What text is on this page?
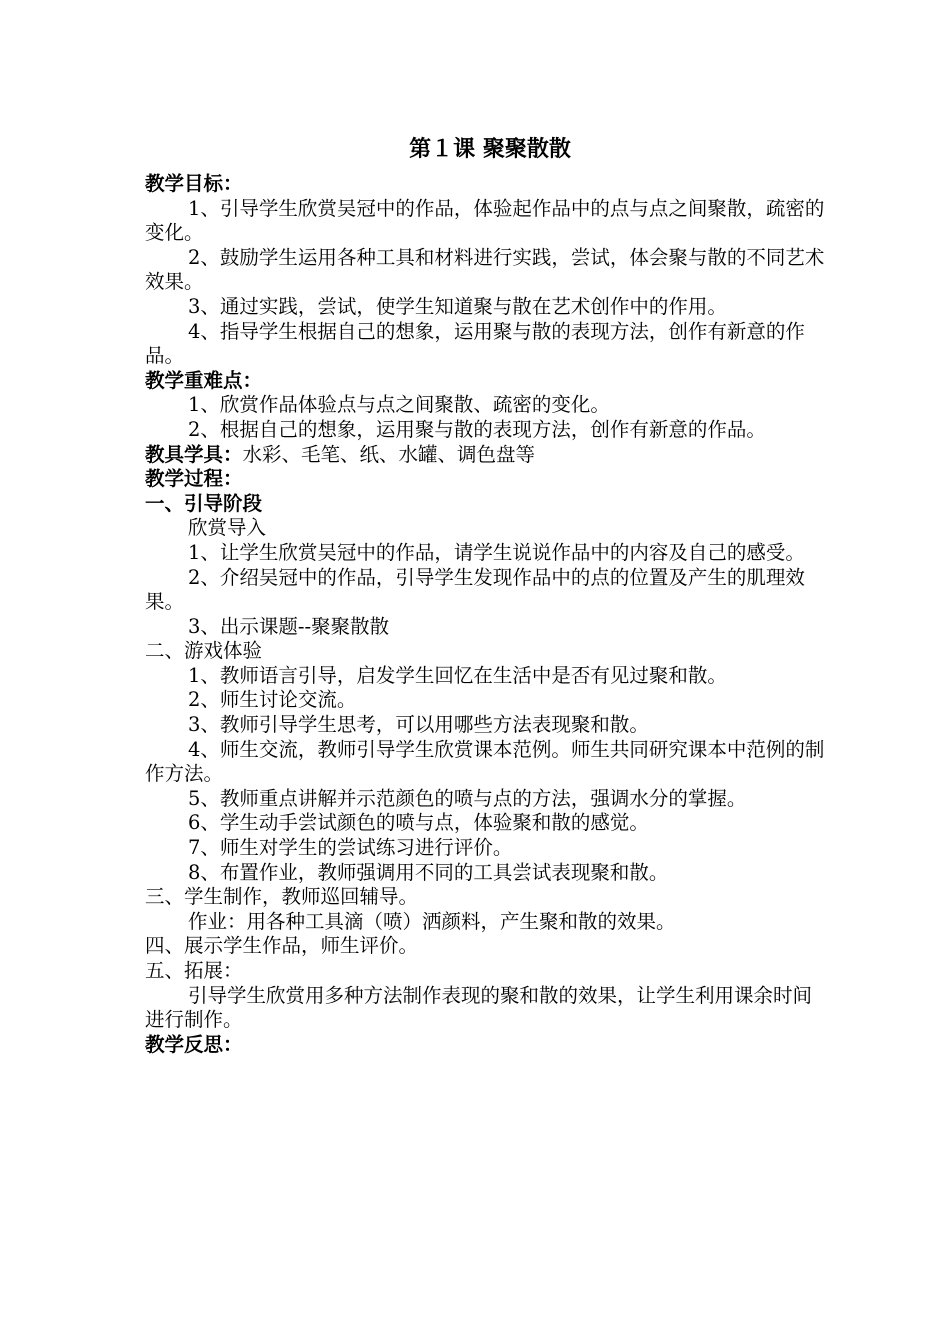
第１课 聚聚散散

教学目标：

1、引导学生欣赏吴冠中的作品，体验起作品中的点与点之间聚散，疏密的变化。

2、鼓励学生运用各种工具和材料进行实践，尝试，体会聚与散的不同艺术效果。

3、通过实践，尝试，使学生知道聚与散在艺术创作中的作用。

4、指导学生根据自己的想象，运用聚与散的表现方法，创作有新意的作品。

教学重难点：

1、欣赏作品体验点与点之间聚散、疏密的变化。

2、根据自己的想象，运用聚与散的表现方法，创作有新意的作品。

教具学具：水彩、毛笔、纸、水罐、调色盘等

教学过程：

一、引导阶段

欣赏导入

1、让学生欣赏吴冠中的作品，请学生说说作品中的内容及自己的感受。

2、介绍吴冠中的作品，引导学生发现作品中的点的位置及产生的肌理效果。

3、出示课题--聚聚散散

二、游戏体验

1、教师语言引导，启发学生回忆在生活中是否有见过聚和散。

2、师生讨论交流。

3、教师引导学生思考，可以用哪些方法表现聚和散。

4、师生交流，教师引导学生欣赏课本范例。师生共同研究课本中范例的制作方法。

5、教师重点讲解并示范颜色的喷与点的方法，强调水分的掌握。

6、学生动手尝试颜色的喷与点，体验聚和散的感觉。

7、师生对学生的尝试练习进行评价。

8、布置作业，教师强调用不同的工具尝试表现聚和散。

三、学生制作，教师巡回辅导。

作业：用各种工具滴（喷）洒颜料，产生聚和散的效果。

四、展示学生作品，师生评价。

五、拓展：

引导学生欣赏用多种方法制作表现的聚和散的效果，让学生利用课余时间进行制作。

教学反思：
